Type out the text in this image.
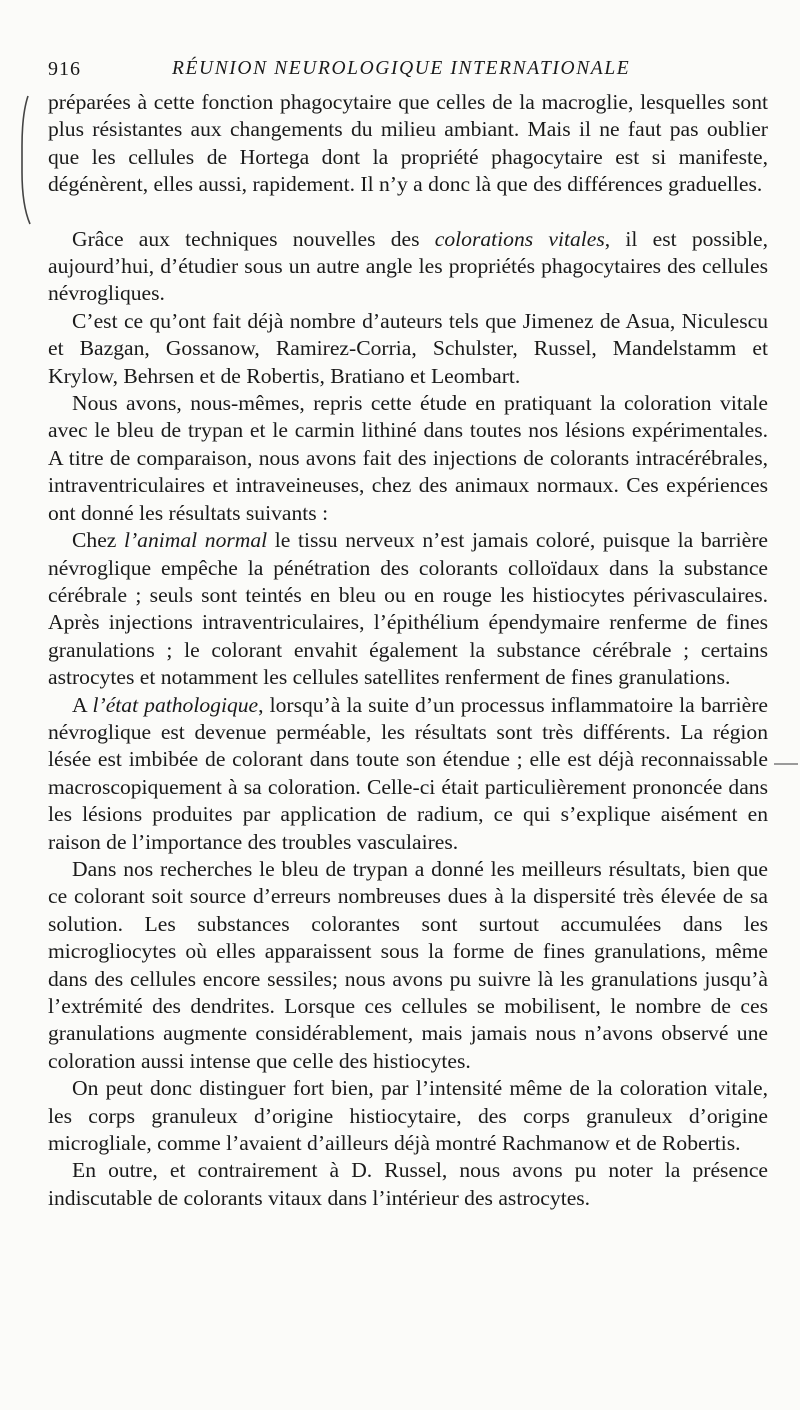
916	RÉUNION NEUROLOGIQUE INTERNATIONALE

préparées à cette fonction phagocytaire que celles de la macroglie, lesquelles sont plus résistantes aux changements du milieu ambiant. Mais il ne faut pas oublier que les cellules de Hortega dont la propriété phagocytaire est si manifeste, dégénèrent, elles aussi, rapidement. Il n’y a donc là que des différences graduelles.

Grâce aux techniques nouvelles des colorations vitales, il est possible, aujourd’hui, d’étudier sous un autre angle les propriétés phagocytaires des cellules névrogliques.

C’est ce qu’ont fait déjà nombre d’auteurs tels que Jimenez de Asua, Niculescu et Bazgan, Gossanow, Ramirez-Corria, Schulster, Russel, Mandelstamm et Krylow, Behrsen et de Robertis, Bratiano et Leombart.

Nous avons, nous-mêmes, repris cette étude en pratiquant la coloration vitale avec le bleu de trypan et le carmin lithiné dans toutes nos lésions expérimentales. A titre de comparaison, nous avons fait des injections de colorants intracérébrales, intraventriculaires et intraveineuses, chez des animaux normaux. Ces expériences ont donné les résultats suivants :

Chez l’animal normal le tissu nerveux n’est jamais coloré, puisque la barrière névroglique empêche la pénétration des colorants colloïdaux dans la substance cérébrale ; seuls sont teintés en bleu ou en rouge les histiocytes périvasculaires. Après injections intraventriculaires, l’épithélium épendymaire renferme de fines granulations ; le colorant envahit également la substance cérébrale ; certains astrocytes et notamment les cellules satellites renferment de fines granulations.

A l’état pathologique, lorsqu’à la suite d’un processus inflammatoire la barrière névroglique est devenue perméable, les résultats sont très différents. La région lésée est imbibée de colorant dans toute son étendue ; elle est déjà reconnaissable macroscopiquement à sa coloration. Celle-ci était particulièrement prononcée dans les lésions produites par application de radium, ce qui s’explique aisément en raison de l’importance des troubles vasculaires.

Dans nos recherches le bleu de trypan a donné les meilleurs résultats, bien que ce colorant soit source d’erreurs nombreuses dues à la dispersité très élevée de sa solution. Les substances colorantes sont surtout accumulées dans les microgliocytes où elles apparaissent sous la forme de fines granulations, même dans des cellules encore sessiles; nous avons pu suivre là les granulations jusqu’à l’extrémité des dendrites. Lorsque ces cellules se mobilisent, le nombre de ces granulations augmente considérablement, mais jamais nous n’avons observé une coloration aussi intense que celle des histiocytes.

On peut donc distinguer fort bien, par l’intensité même de la coloration vitale, les corps granuleux d’origine histiocytaire, des corps granuleux d’origine microgliale, comme l’avaient d’ailleurs déjà montré Rachmanow et de Robertis.

En outre, et contrairement à D. Russel, nous avons pu noter la présence indiscutable de colorants vitaux dans l’intérieur des astrocytes.
